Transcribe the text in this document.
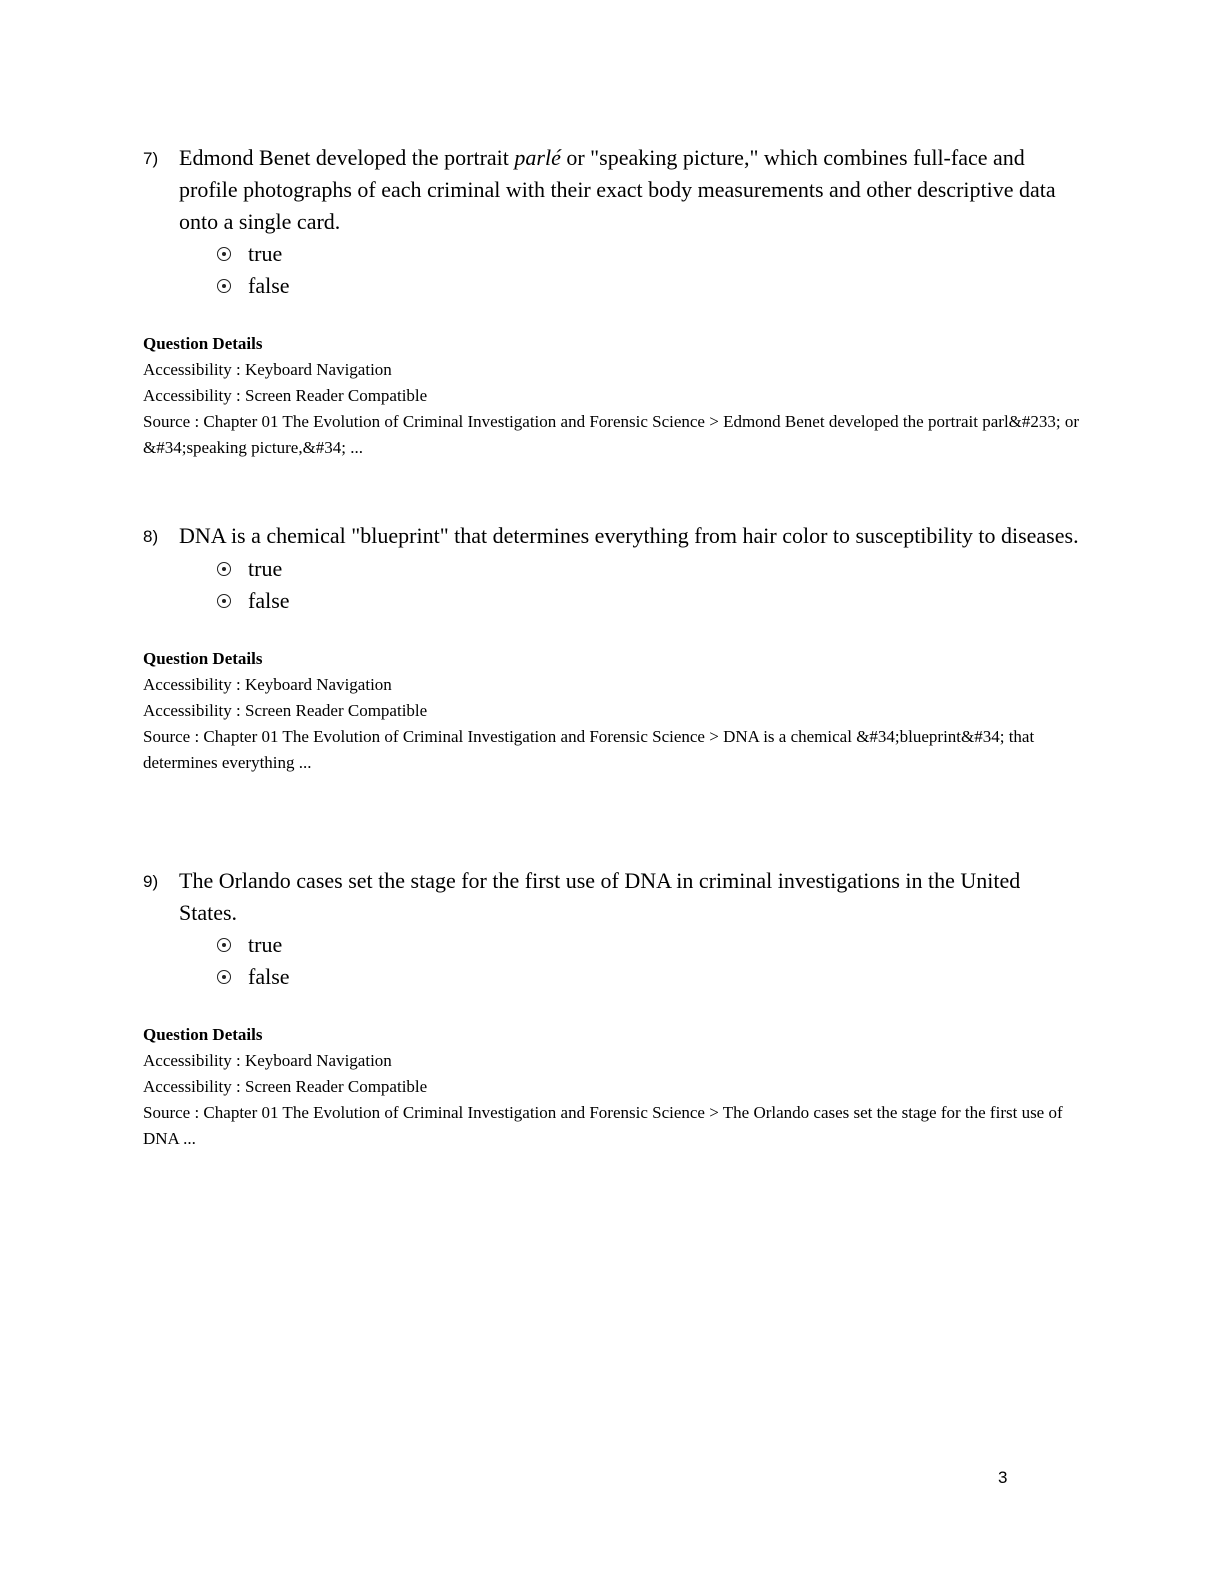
7) Edmond Benet developed the portrait parlé or "speaking picture," which combines full-face and profile photographs of each criminal with their exact body measurements and other descriptive data onto a single card.
true
false
Question Details
Accessibility : Keyboard Navigation
Accessibility : Screen Reader Compatible
Source : Chapter 01 The Evolution of Criminal Investigation and Forensic Science > Edmond Benet developed the portrait parl&#233; or &#34;speaking picture,&#34; ...
8) DNA is a chemical "blueprint" that determines everything from hair color to susceptibility to diseases.
true
false
Question Details
Accessibility : Keyboard Navigation
Accessibility : Screen Reader Compatible
Source : Chapter 01 The Evolution of Criminal Investigation and Forensic Science > DNA is a chemical &#34;blueprint&#34; that determines everything ...
9) The Orlando cases set the stage for the first use of DNA in criminal investigations in the United States.
true
false
Question Details
Accessibility : Keyboard Navigation
Accessibility : Screen Reader Compatible
Source : Chapter 01 The Evolution of Criminal Investigation and Forensic Science > The Orlando cases set the stage for the first use of DNA ...
3
